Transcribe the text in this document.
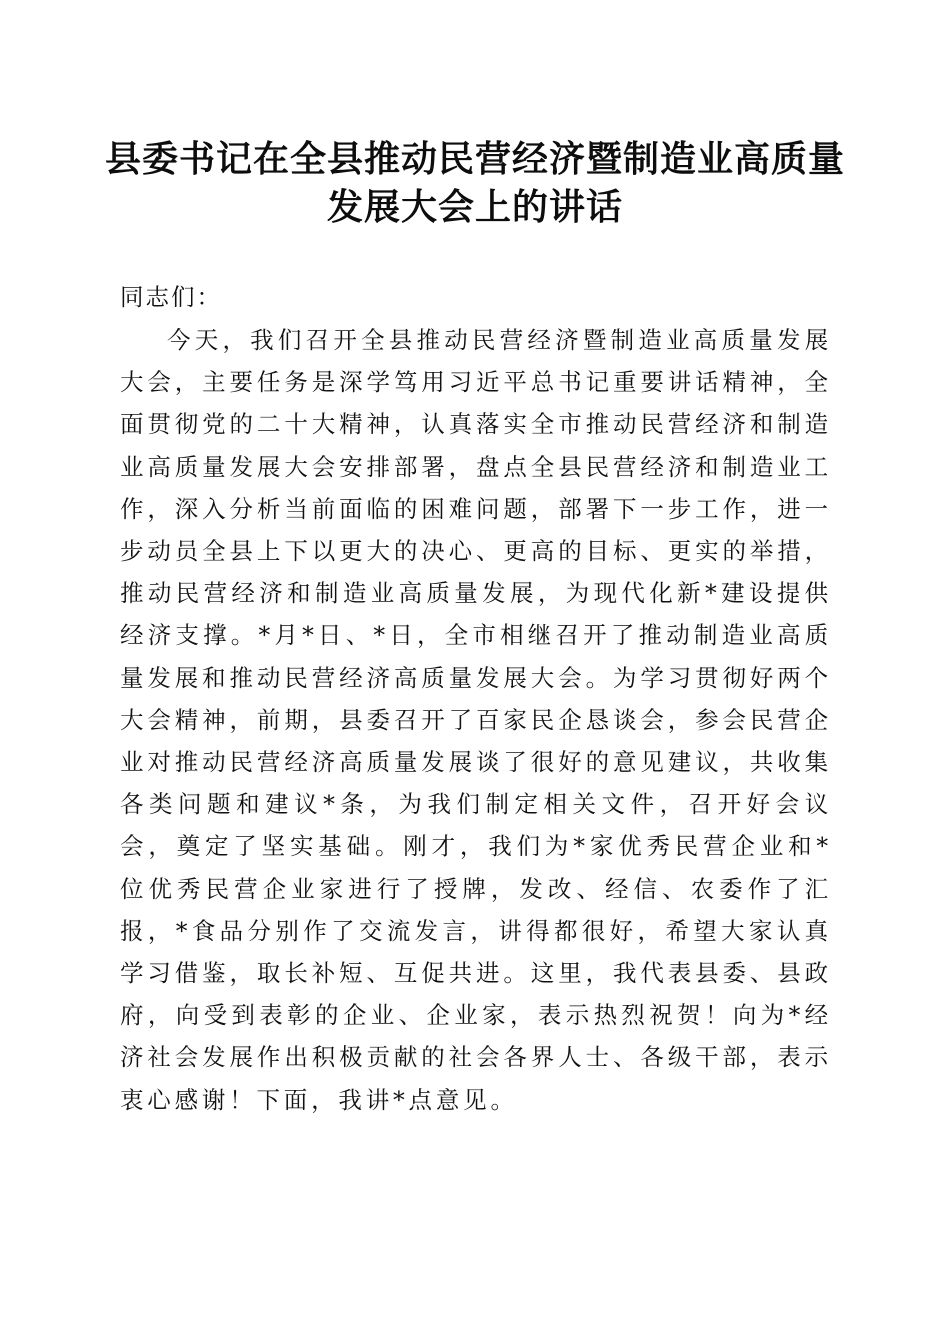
县委书记在全县推动民营经济暨制造业高质量
发展大会上的讲话

同志们：

今天，我们召开全县推动民营经济暨制造业高质量发展大会，主要任务是深学笃用习近平总书记重要讲话精神，全面贯彻党的二十大精神，认真落实全市推动民营经济和制造业高质量发展大会安排部署，盘点全县民营经济和制造业工作，深入分析当前面临的困难问题，部署下一步工作，进一步动员全县上下以更大的决心、更高的目标、更实的举措，推动民营经济和制造业高质量发展，为现代化新*建设提供经济支撑。*月*日、*日，全市相继召开了推动制造业高质量发展和推动民营经济高质量发展大会。为学习贯彻好两个大会精神，前期，县委召开了百家民企恳谈会，参会民营企业对推动民营经济高质量发展谈了很好的意见建议，共收集各类问题和建议*条，为我们制定相关文件，召开好会议会，奠定了坚实基础。刚才，我们为*家优秀民营企业和*位优秀民营企业家进行了授牌，发改、经信、农委作了汇报，*食品分别作了交流发言，讲得都很好，希望大家认真学习借鉴，取长补短、互促共进。这里，我代表县委、县政府，向受到表彰的企业、企业家，表示热烈祝贺！向为*经济社会发展作出积极贡献的社会各界人士、各级干部，表示衷心感谢！下面，我讲*点意见。
